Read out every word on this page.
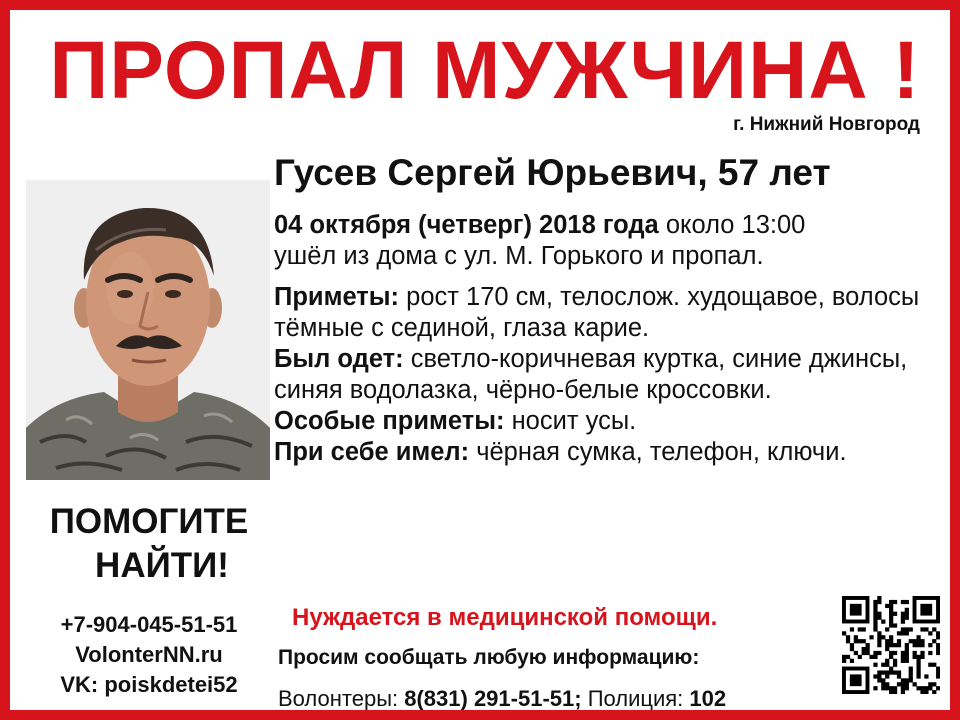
ПРОПАЛ МУЖЧИНА !
г. Нижний Новгород
Гусев Сергей Юрьевич, 57 лет
04 октября (четверг) 2018 года около 13:00
ушёл из дома с ул. М. Горького и пропал.
Приметы: рост 170 см, телослож. худощавое, волосы тёмные с сединой, глаза карие.
Был одет: светло-коричневая куртка, синие джинсы, синяя водолазка, чёрно-белые кроссовки.
Особые приметы: носит усы.
При себе имел: чёрная сумка, телефон, ключи.
Нуждается в медицинской помощи.
Просим сообщать любую информацию:
Волонтеры: 8(831) 291-51-51; Полиция: 102
ПОМОГИТЕ
НАЙТИ!
+7-904-045-51-51
VolonterNN.ru
VK: poiskdetei52
